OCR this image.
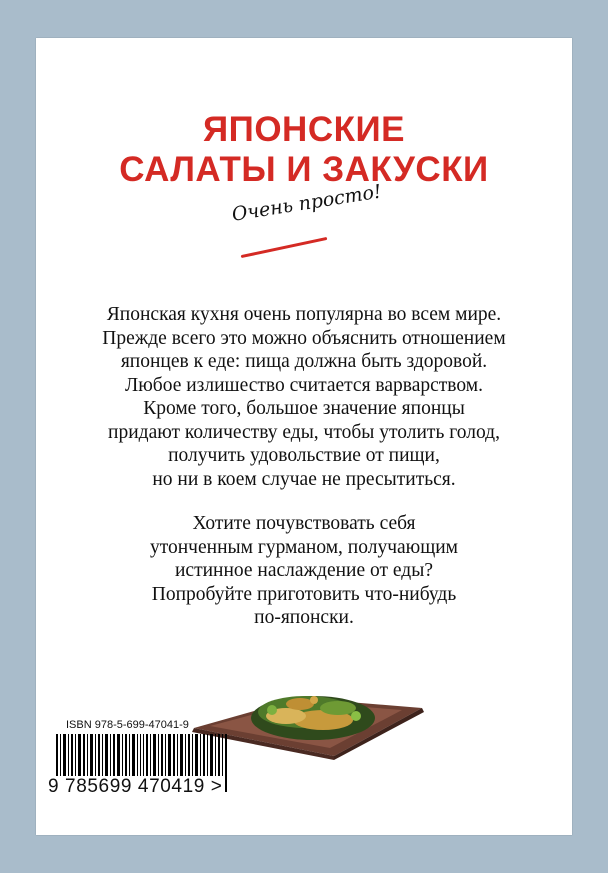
ЯПОНСКИЕ
САЛАТЫ И ЗАКУСКИ
Очень просто!
Японская кухня очень популярна во всем мире.
Прежде всего это можно объяснить отношением
японцев к еде: пища должна быть здоровой.
Любое излишество считается варварством.
Кроме того, большое значение японцы
придают количеству еды, чтобы утолить голод,
получить удовольствие от пищи,
но ни в коем случае не пресытиться.
Хотите почувствовать себя
утонченным гурманом, получающим
истинное наслаждение от еды?
Попробуйте приготовить что-нибудь
по-японски.
ISBN 978-5-699-47041-9
9 785699 470419 >
